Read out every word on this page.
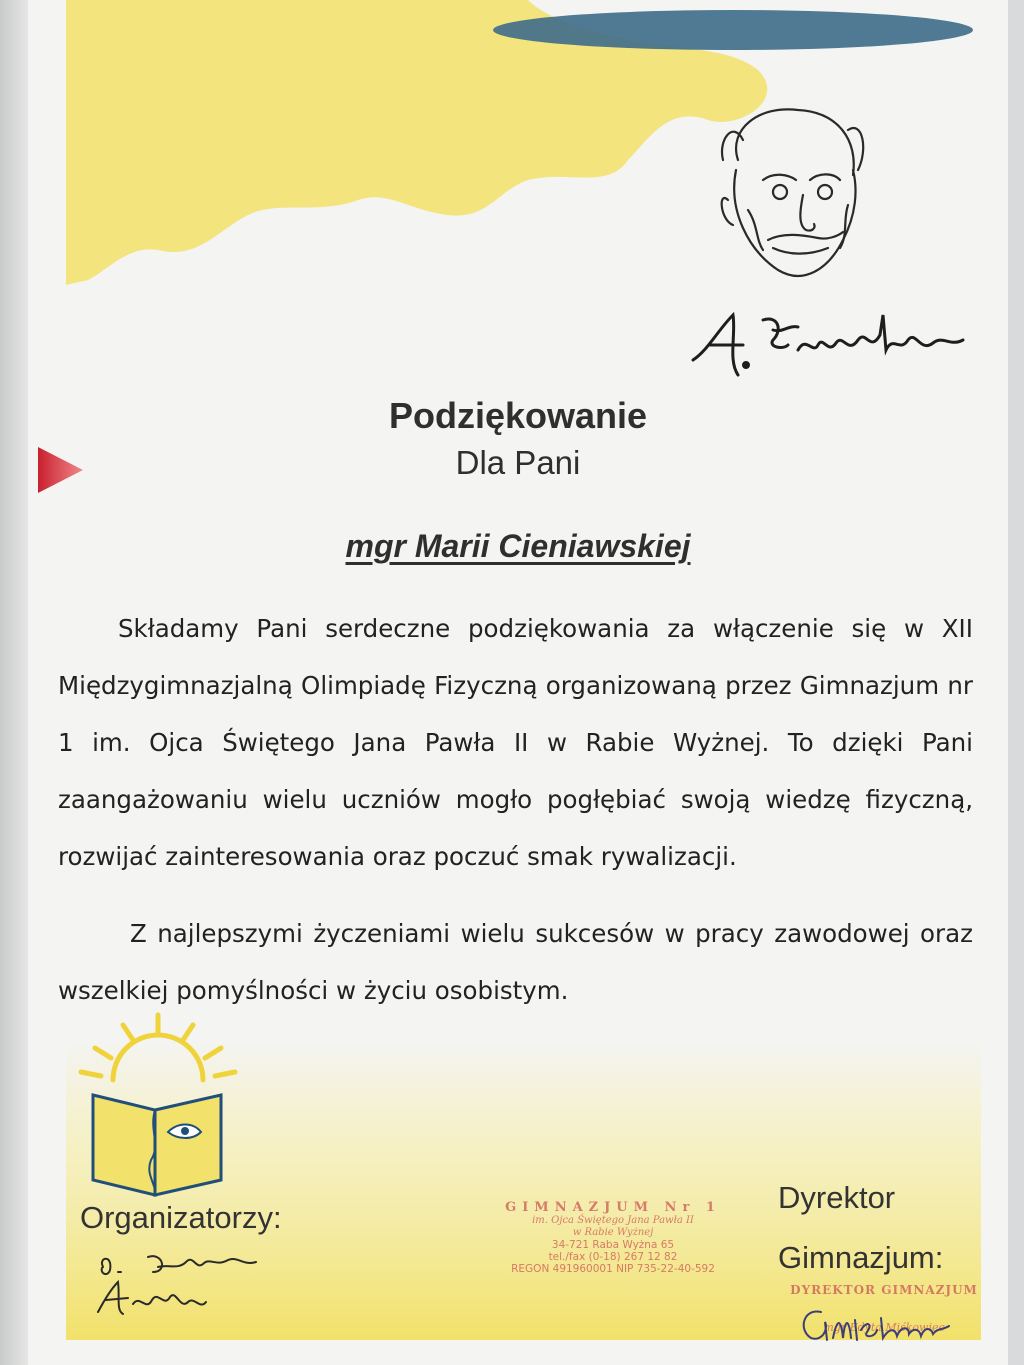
Podziękowanie
Dla Pani
mgr Marii Cieniawskiej
Składamy Pani serdeczne podziękowania za włączenie się w XII Międzygimnazjalną Olimpiadę Fizyczną organizowaną przez Gimnazjum nr 1 im. Ojca Świętego Jana Pawła II w Rabie Wyżnej. To dzięki Pani zaangażowaniu wielu uczniów mogło pogłębiać swoją wiedzę fizyczną, rozwijać zainteresowania oraz poczuć smak rywalizacji.
Z najlepszymi życzeniami wielu sukcesów w pracy zawodowej oraz wszelkiej pomyślności w życiu osobistym.
Organizatorzy:	GIMNAZJUM Nr 1
im. Ojca Świętego Jana Pawła II
w Rabie Wyżnej
34-721 Raba Wyżna 65
tel./fax (0-18) 267 12 82
REGON 491960001 NIP 735-22-40-592
Dyrektor
Gimnazjum:
DYREKTOR GIMNAZJUM
mgr Edyta Miśkowiec
